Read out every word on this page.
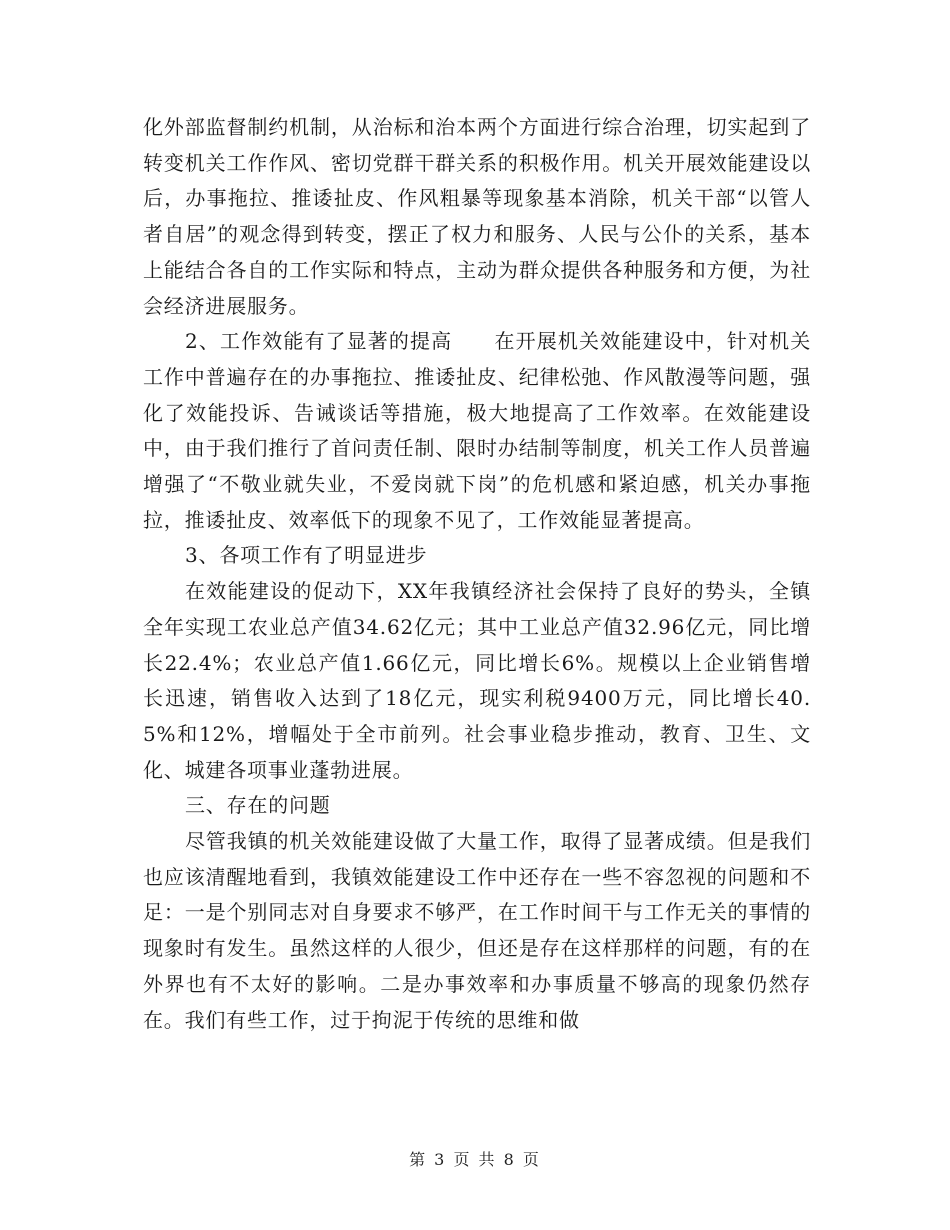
化外部监督制约机制，从治标和治本两个方面进行综合治理，切实起到了转变机关工作作风、密切党群干群关系的积极作用。机关开展效能建设以后，办事拖拉、推诿扯皮、作风粗暴等现象基本消除，机关干部“以管人者自居”的观念得到转变，摆正了权力和服务、人民与公仆的关系，基本上能结合各自的工作实际和特点，主动为群众提供各种服务和方便，为社会经济进展服务。

2、工作效能有了显著的提高　　在开展机关效能建设中，针对机关工作中普遍存在的办事拖拉、推诿扯皮、纪律松弛、作风散漫等问题，强化了效能投诉、告诫谈话等措施，极大地提高了工作效率。在效能建设中，由于我们推行了首问责任制、限时办结制等制度，机关工作人员普遍增强了“不敬业就失业，不爱岗就下岗”的危机感和紧迫感，机关办事拖拉，推诿扯皮、效率低下的现象不见了，工作效能显著提高。

3、各项工作有了明显进步

在效能建设的促动下，XX年我镇经济社会保持了良好的势头，全镇全年实现工农业总产值34.62亿元；其中工业总产值32.96亿元，同比增长22.4%；农业总产值1.66亿元，同比增长6%。规模以上企业销售增长迅速，销售收入达到了18亿元，现实利税9400万元，同比增长40.5%和12%，增幅处于全市前列。社会事业稳步推动，教育、卫生、文化、城建各项事业蓬勃进展。

三、存在的问题

尽管我镇的机关效能建设做了大量工作，取得了显著成绩。但是我们也应该清醒地看到，我镇效能建设工作中还存在一些不容忽视的问题和不足：一是个别同志对自身要求不够严，在工作时间干与工作无关的事情的现象时有发生。虽然这样的人很少，但还是存在这样那样的问题，有的在外界也有不太好的影响。二是办事效率和办事质量不够高的现象仍然存在。我们有些工作，过于拘泥于传统的思维和做

第 3 页 共 8 页
